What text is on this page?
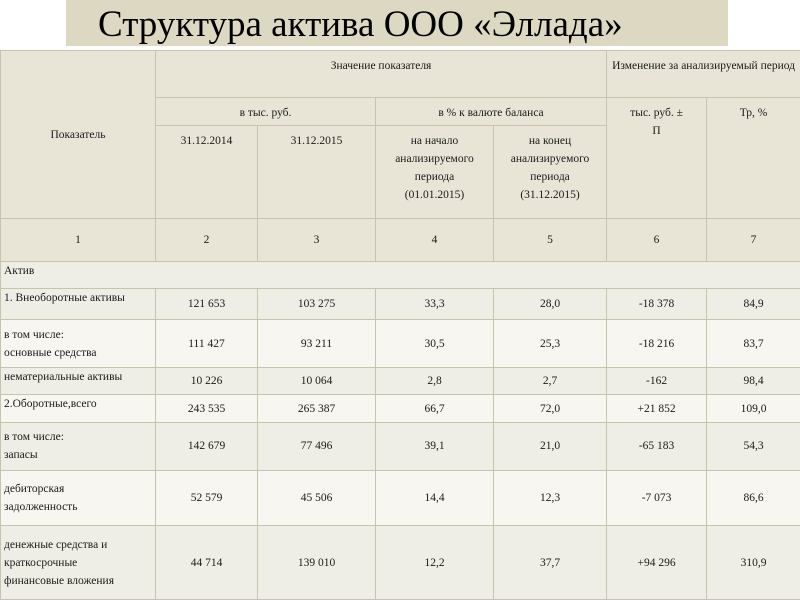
Структура актива ООО «Эллада»
Показатель	Значение показателя				Изменение за анализируемый период	

	в тыс. руб.		в % к валюте баланса		тыс. руб. ± П	Тр, %

	31.12.2014	31.12.2015	на начало анализируемого периода (01.01.2015)	на конец анализируемого периода (31.12.2015)		

1	2	3	4	5	6	7
Актив						
1. Внеоборотные активы	121 653	103 275	33,3	28,0	-18 378	84,9

в том числе:
основные средства	111 427	93 211	30,5	25,3	-18 216	83,7
нематериальные активы	10 226	10 064	2,8	2,7	-162	98,4
2.Оборотные,всего	243 535	265 387	66,7	72,0	+21 852	109,0

в том числе:
запасы	142 679	77 496	39,1	21,0	-65 183	54,3

дебиторская
задолженность	52 579	45 506	14,4	12,3	-7 073	86,6

денежные средства и
краткосрочные
финансовые вложения	44 714	139 010	12,2	37,7	+94 296	310,9
